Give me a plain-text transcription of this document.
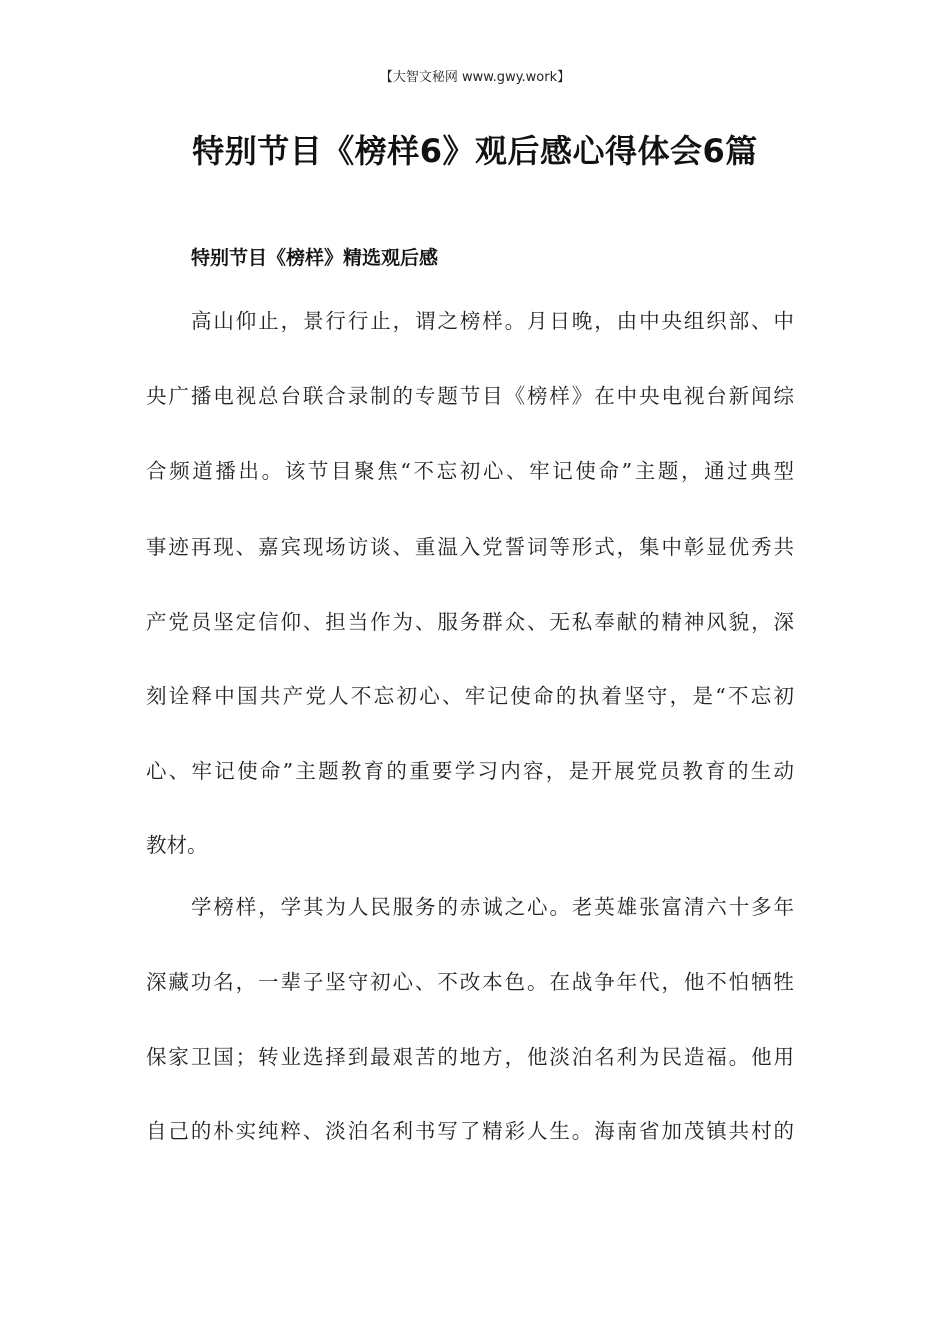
【大智文秘网 www.gwy.work】
特别节目《榜样6》观后感心得体会6篇
特别节目《榜样》精选观后感
高山仰止，景行行止，谓之榜样。月日晚，由中央组织部、中
央广播电视总台联合录制的专题节目《榜样》在中央电视台新闻综
合频道播出。该节目聚焦“不忘初心、牢记使命”主题，通过典型
事迹再现、嘉宾现场访谈、重温入党誓词等形式，集中彰显优秀共
产党员坚定信仰、担当作为、服务群众、无私奉献的精神风貌，深
刻诠释中国共产党人不忘初心、牢记使命的执着坚守，是“不忘初
心、牢记使命”主题教育的重要学习内容，是开展党员教育的生动
教材。
学榜样，学其为人民服务的赤诚之心。老英雄张富清六十多年
深藏功名，一辈子坚守初心、不改本色。在战争年代，他不怕牺牲
保家卫国；转业选择到最艰苦的地方，他淡泊名利为民造福。他用
自己的朴实纯粹、淡泊名利书写了精彩人生。海南省加茂镇共村的
